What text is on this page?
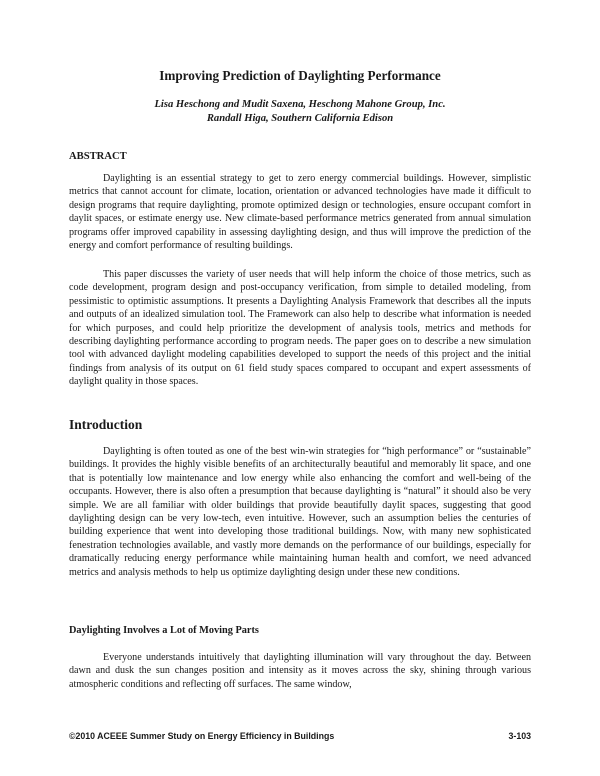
Improving Prediction of Daylighting Performance
Lisa Heschong and Mudit Saxena, Heschong Mahone Group, Inc.
Randall Higa, Southern California Edison
ABSTRACT

Daylighting is an essential strategy to get to zero energy commercial buildings. However, simplistic metrics that cannot account for climate, location, orientation or advanced technologies have made it difficult to design programs that require daylighting, promote optimized design or technologies, ensure occupant comfort in daylit spaces, or estimate energy use. New climate-based performance metrics generated from annual simulation programs offer improved capability in assessing daylighting design, and thus will improve the prediction of the energy and comfort performance of resulting buildings.

This paper discusses the variety of user needs that will help inform the choice of those metrics, such as code development, program design and post-occupancy verification, from simple to detailed modeling, from pessimistic to optimistic assumptions. It presents a Daylighting Analysis Framework that describes all the inputs and outputs of an idealized simulation tool. The Framework can also help to describe what information is needed for which purposes, and could help prioritize the development of analysis tools, metrics and methods for describing daylighting performance according to program needs. The paper goes on to describe a new simulation tool with advanced daylight modeling capabilities developed to support the needs of this project and the initial findings from analysis of its output on 61 field study spaces compared to occupant and expert assessments of daylight quality in those spaces.

Introduction

Daylighting is often touted as one of the best win-win strategies for “high performance” or “sustainable” buildings. It provides the highly visible benefits of an architecturally beautiful and memorably lit space, and one that is potentially low maintenance and low energy while also enhancing the comfort and well-being of the occupants. However, there is also often a presumption that because daylighting is “natural” it should also be very simple. We are all familiar with older buildings that provide beautifully daylit spaces, suggesting that good daylighting design can be very low-tech, even intuitive. However, such an assumption belies the centuries of building experience that went into developing those traditional buildings. Now, with many new sophisticated fenestration technologies available, and vastly more demands on the performance of our buildings, especially for dramatically reducing energy performance while maintaining human health and comfort, we need advanced metrics and analysis methods to help us optimize daylighting design under these new conditions.

Daylighting Involves a Lot of Moving Parts

Everyone understands intuitively that daylighting illumination will vary throughout the day. Between dawn and dusk the sun changes position and intensity as it moves across the sky, shining through various atmospheric conditions and reflecting off surfaces. The same window,

©2010 ACEEE Summer Study on Energy Efficiency in Buildings	3-103
